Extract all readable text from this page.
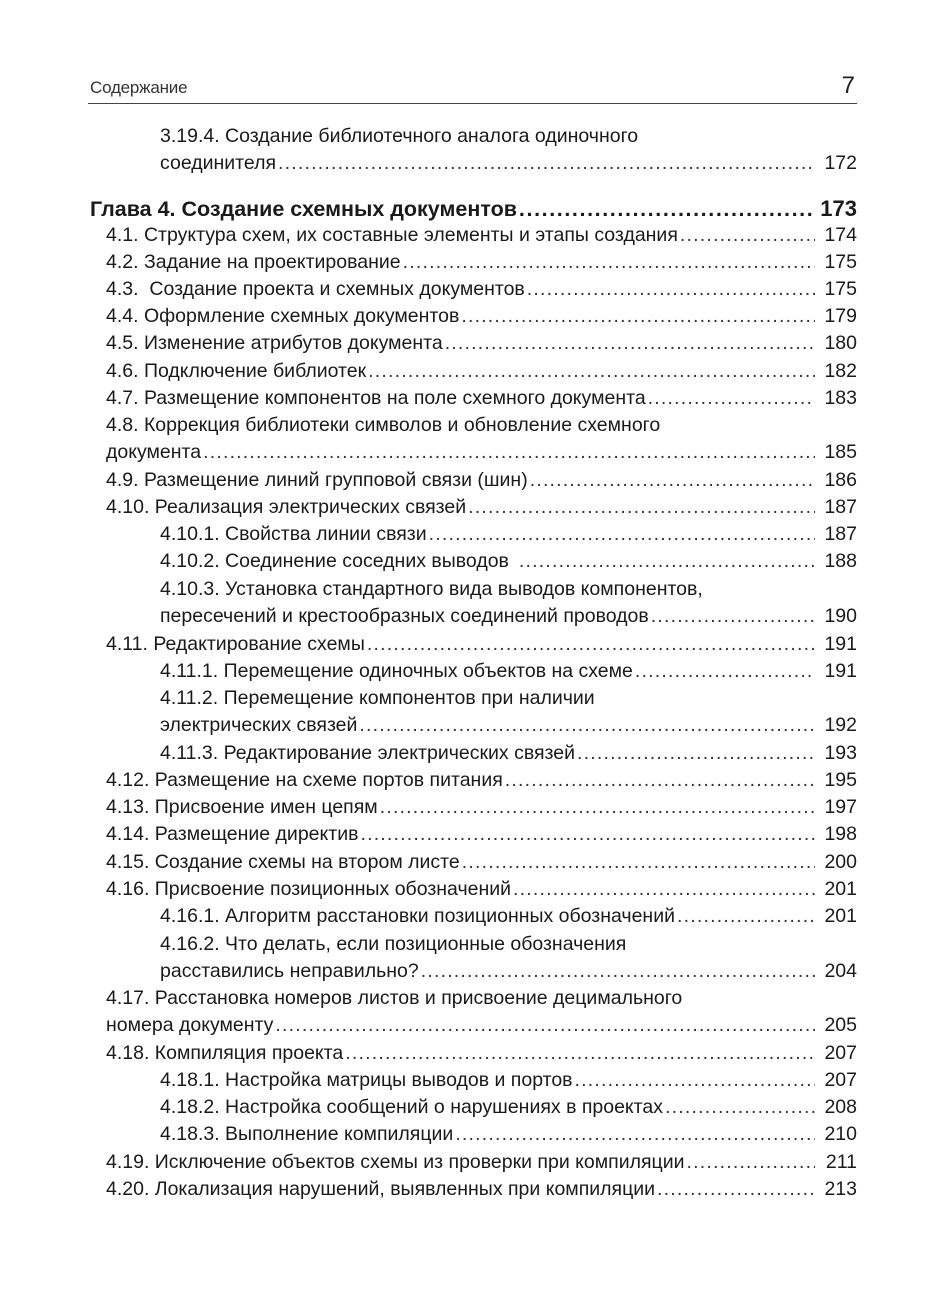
Содержание	7
3.19.4. Создание библиотечного аналога одиночного
соединителя .....	172
Глава 4. Создание схемных документов .....	173
4.1. Структура схем, их составные элементы и этапы создания .....	174
4.2. Задание на проектирование .....	175
4.3.  Создание проекта и схемных документов .....	175
4.4. Оформление схемных документов .....	179
4.5. Изменение атрибутов документа .....	180
4.6. Подключение библиотек .....	182
4.7. Размещение компонентов на поле схемного документа .....	183
4.8. Коррекция библиотеки символов и обновление схемного
документа .....	185
4.9. Размещение линий групповой связи (шин) .....	186
4.10. Реализация электрических связей .....	187
4.10.1. Свойства линии связи .....	187
4.10.2. Соединение соседних выводов .....	188
4.10.3. Установка стандартного вида выводов компонентов,
пересечений и крестообразных соединений проводов .....	190
4.11. Редактирование схемы .....	191
4.11.1. Перемещение одиночных объектов на схеме .....	191
4.11.2. Перемещение компонентов при наличии
электрических связей .....	192
4.11.3. Редактирование электрических связей .....	193
4.12. Размещение на схеме портов питания .....	195
4.13. Присвоение имен цепям .....	197
4.14. Размещение директив .....	198
4.15. Создание схемы на втором листе .....	200
4.16. Присвоение позиционных обозначений .....	201
4.16.1. Алгоритм расстановки позиционных обозначений .....	201
4.16.2. Что делать, если позиционные обозначения
расставились неправильно? .....	204
4.17. Расстановка номеров листов и присвоение децимального
номера документу .....	205
4.18. Компиляция проекта .....	207
4.18.1. Настройка матрицы выводов и портов .....	207
4.18.2. Настройка сообщений о нарушениях в проектах .....	208
4.18.3. Выполнение компиляции .....	210
4.19. Исключение объектов схемы из проверки при компиляции .....	211
4.20. Локализация нарушений, выявленных при компиляции .....	213
